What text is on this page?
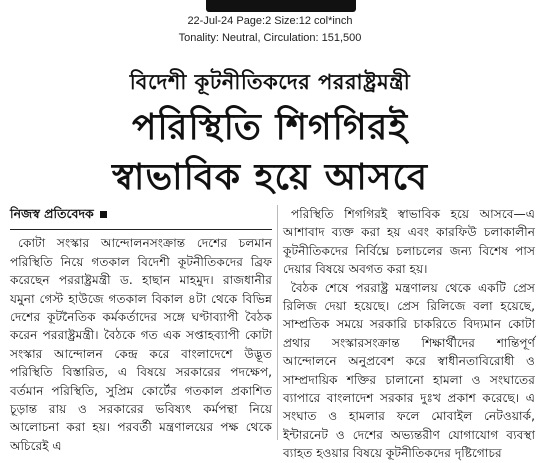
22-Jul-24 Page:2 Size:12 col*inch
Tonality: Neutral, Circulation: 151,500
বিদেশী কূটনীতিকদের পররাষ্ট্রমন্ত্রী
পরিস্থিতি শিগগিরই
স্বাভাবিক হয়ে আসবে
নিজস্ব প্রতিবেদক

কোটা সংস্কার আন্দোলনসংক্রান্ত দেশের চলমান পরিস্থিতি নিয়ে গতকাল বিদেশী কূটনীতিকদের ব্রিফ করেছেন পররাষ্ট্রমন্ত্রী ড. হাছান মাহমুদ। রাজধানীর যমুনা গেস্ট হাউজে গতকাল বিকাল ৪টা থেকে বিভিন্ন দেশের কূটনৈতিক কর্মকর্তাদের সঙ্গে ঘণ্টাব্যাপী বৈঠক করেন পররাষ্ট্রমন্ত্রী। বৈঠকে গত এক সপ্তাহব্যাপী কোটা সংস্কার আন্দোলন কেন্দ্র করে বাংলাদেশে উদ্ভূত পরিস্থিতি বিস্তারিত, এ বিষয়ে সরকারের পদক্ষেপ, বর্তমান পরিস্থিতি, সুপ্রিম কোর্টের গতকাল প্রকাশিত চূড়ান্ত রায় ও সরকারের ভবিষ্যৎ কর্মপন্থা নিয়ে আলোচনা করা হয়। পরবর্তী মন্ত্রণালয়ের পক্ষ থেকে অচিরেই এ

পরিস্থিতি শিগগিরই স্বাভাবিক হয়ে আসবে—এ আশাবাদ ব্যক্ত করা হয় এবং কারফিউ চলাকালীন কূটনীতিকদের নির্বিঘ্নে চলাচলের জন্য বিশেষ পাস দেয়ার বিষয়ে অবগত করা হয়।

বৈঠক শেষে পররাষ্ট্র মন্ত্রণালয় থেকে একটি প্রেস রিলিজ দেয়া হয়েছে। প্রেস রিলিজে বলা হয়েছে, সাম্প্রতিক সময়ে সরকারি চাকরিতে বিদ্যমান কোটা প্রথার সংস্কারসংক্রান্ত শিক্ষার্থীদের শান্তিপূর্ণ আন্দোলনে অনুপ্রবেশ করে স্বাধীনতাবিরোধী ও সাম্প্রদায়িক শক্তির চালানো হামলা ও সংঘাতের ব্যাপারে বাংলাদেশ সরকার দুঃখ প্রকাশ করেছে। এ সংঘাত ও হামলার ফলে মোবাইল নেটওয়ার্ক, ইন্টারনেট ও দেশের অভ্যন্তরীণ যোগাযোগ ব্যবস্থা ব্যাহত হওয়ার বিষয়ে কূটনীতিকদের দৃষ্টিগোচর
